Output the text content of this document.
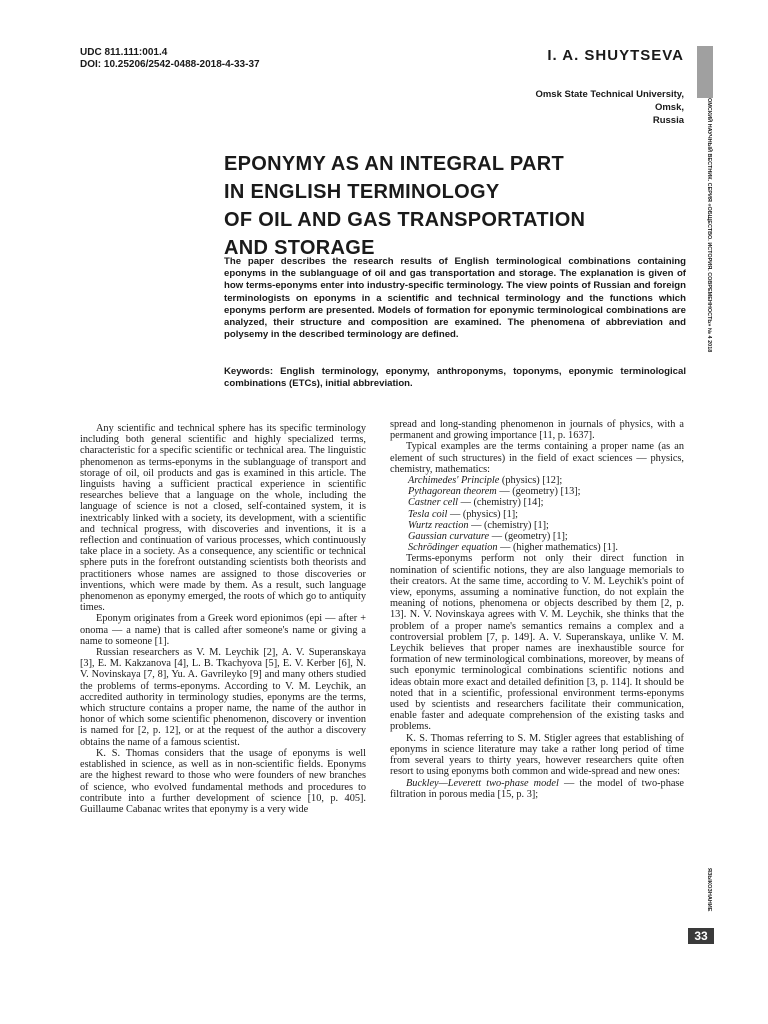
UDC 811.111:001.4
DOI: 10.25206/2542-0488-2018-4-33-37
I. A. SHUYTSEVA
Omsk State Technical University,
Omsk,
Russia	ОМСКИЙ НАУЧНЫЙ ВЕСТНИК. СЕРИЯ «ОБЩЕСТВО. ИСТОРИЯ. СОВРЕМЕННОСТЬ» № 4 2018
ЯЗЫКОЗНАНИЕ
33
EPONYMY AS AN INTEGRAL PART
IN ENGLISH TERMINOLOGY
OF OIL AND GAS TRANSPORTATION
AND STORAGE
The paper describes the research results of English terminological combinations containing eponyms in the sublanguage of oil and gas transportation and storage. The explanation is given of how terms-eponyms enter into industry-specific terminology. The view points of Russian and foreign terminologists on eponyms in a scientific and technical terminology and the functions which eponyms perform are presented. Models of formation for eponymic terminological combinations are analyzed, their structure and composition are examined. The phenomena of abbreviation and polysemy in the described terminology are defined.
Keywords: English terminology, eponymy, anthroponyms, toponyms, eponymic terminological combinations (ETCs), initial abbreviation.

Any scientific and technical sphere has its specific terminology including both general scientific and highly specialized terms, characteristic for a specific scientific or technical area. The linguistic phenomenon as terms-eponyms in the sublanguage of transport and storage of oil, oil products and gas is examined in this article. The linguists having a sufficient practical experience in scientific researches believe that a language on the whole, including the language of science is not a closed, self-contained system, it is inextricably linked with a society, its development, with a scientific and technical progress, with discoveries and inventions, it is a reflection and continuation of various processes, which continuously take place in a society. As a consequence, any scientific or technical sphere puts in the forefront outstanding scientists both theorists and practitioners whose names are assigned to those discoveries or inventions, which were made by them. As a result, such language phenomenon as eponymy emerged, the roots of which go to antiquity times.

Eponym originates from a Greek word epionimos (epi — after + onoma — a name) that is called after someone's name or giving a name to someone [1].

Russian researchers as V. M. Leychik [2], A. V. Superanskaya [3], E. M. Kakzanova [4], L. B. Tkachyova [5], E. V. Kerber [6], N. V. Novinskaya [7, 8], Yu. A. Gavrileyko [9] and many others studied the problems of terms-eponyms. According to V. M. Leychik, an accredited authority in terminology studies, eponyms are the terms, which structure contains a proper name, the name of the author in honor of which some scientific phenomenon, discovery or invention is named for [2, p. 12], or at the request of the author a discovery obtains the name of a famous scientist.

K. S. Thomas considers that the usage of eponyms is well established in science, as well as in non-scientific fields. Eponyms are the highest reward to those who were founders of new branches of science, who evolved fundamental methods and procedures to contribute into a further development of science [10, p. 405]. Guillaume Cabanac writes that eponymy is a very wide

spread and long-standing phenomenon in journals of physics, with a permanent and growing importance [11, p. 1637].

Typical examples are the terms containing a proper name (as an element of such structures) in the field of exact sciences — physics, chemistry, mathematics:

Archimedes' Principle (physics) [12];

Pythagorean theorem — (geometry) [13];

Castner cell — (chemistry) [14];

Tesla coil — (physics) [1];

Wurtz reaction — (chemistry) [1];

Gaussian curvature — (geometry) [1];

Schrödinger equation — (higher mathematics) [1].

Terms-eponyms perform not only their direct function in nomination of scientific notions, they are also language memorials to their creators. At the same time, according to V. M. Leychik's point of view, eponyms, assuming a nominative function, do not explain the meaning of notions, phenomena or objects described by them [2, p. 13]. N. V. Novinskaya agrees with V. M. Leychik, she thinks that the problem of a proper name's semantics remains a complex and a controversial problem [7, p. 149]. A. V. Superanskaya, unlike V. M. Leychik believes that proper names are inexhaustible source for formation of new terminological combinations, moreover, by means of such eponymic terminological combinations scientific notions and ideas obtain more exact and detailed definition [3, p. 114]. It should be noted that in a scientific, professional environment terms-eponyms used by scientists and researchers facilitate their communication, enable faster and adequate comprehension of the existing tasks and problems.

K. S. Thomas referring to S. M. Stigler agrees that establishing of eponyms in science literature may take a rather long period of time from several years to thirty years, however researchers quite often resort to using eponyms both common and wide-spread and new ones:

Buckley—Leverett two-phase model — the model of two-phase filtration in porous media [15, p. 3];
